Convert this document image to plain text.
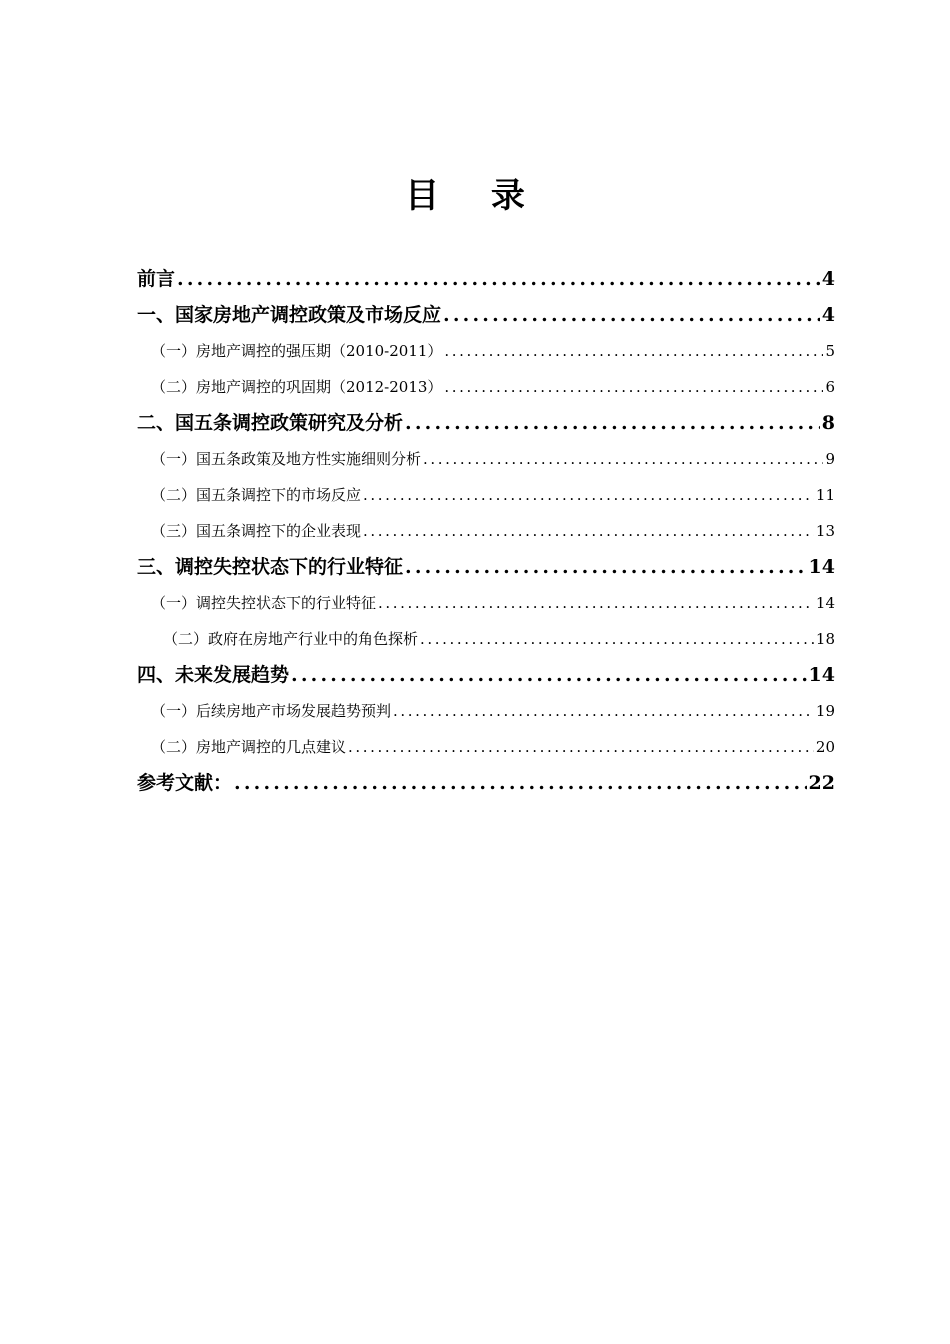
目 录
前言 .....	4
一、国家房地产调控政策及市场反应 .....	4
（一）房地产调控的强压期（2010-2011） .....	5
（二）房地产调控的巩固期（2012-2013） .....	6
二、国五条调控政策研究及分析 .....	8
（一）国五条政策及地方性实施细则分析 .....	9
（二）国五条调控下的市场反应 .....	11
（三）国五条调控下的企业表现 .....	13
三、调控失控状态下的行业特征 .....	14
（一）调控失控状态下的行业特征 .....	14
（二）政府在房地产行业中的角色探析 .....	18
四、未来发展趋势 .....	14
（一）后续房地产市场发展趋势预判 .....	19
（二）房地产调控的几点建议 .....	20
参考文献： .....	22
